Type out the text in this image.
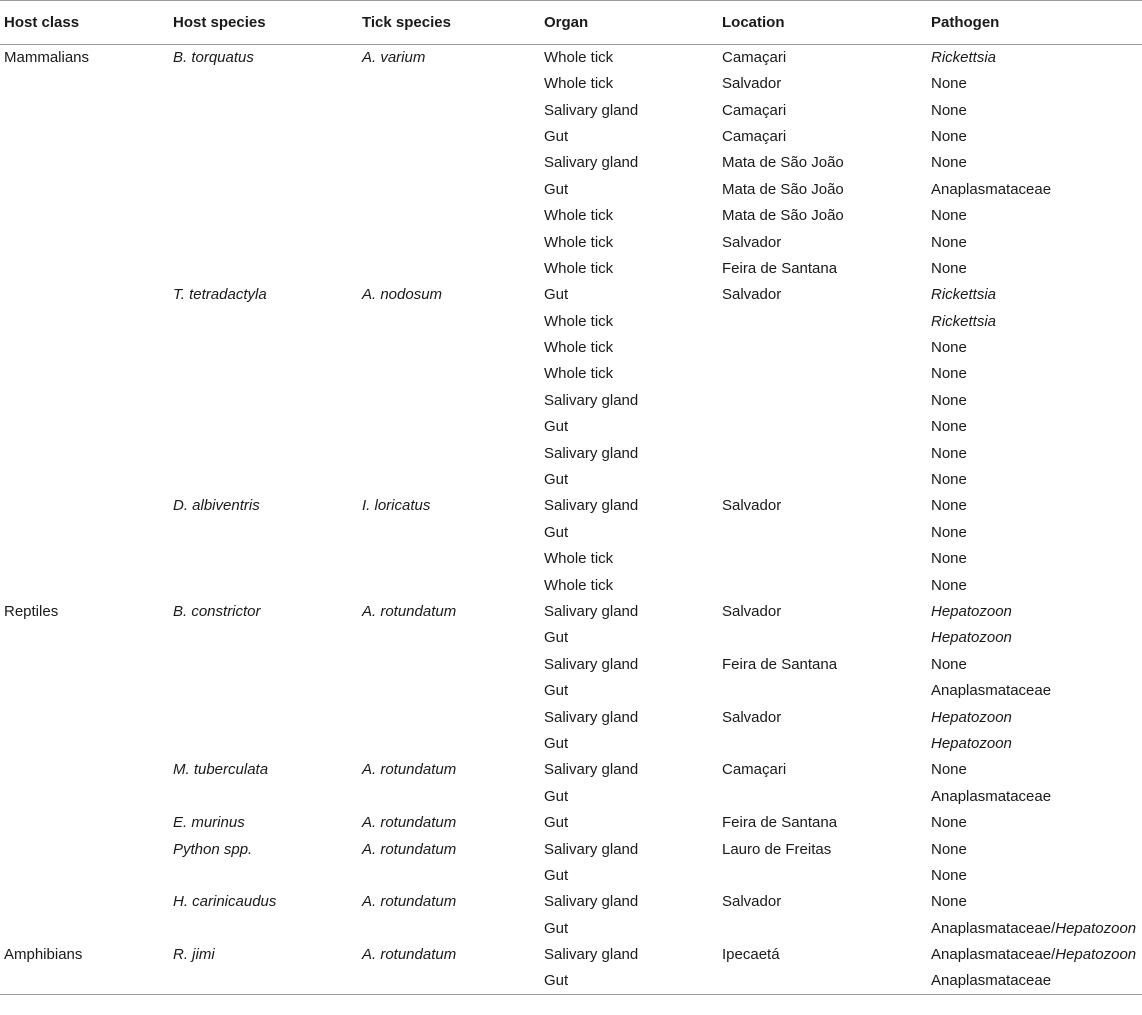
Host class	Host species	Tick species	Organ	Location	Pathogen
Mammalians	B. torquatus	A. varium	Whole tick	Camaçari	Rickettsia
			Whole tick	Salvador	None
			Salivary gland	Camaçari	None
			Gut	Camaçari	None
			Salivary gland	Mata de São João	None
			Gut	Mata de São João	Anaplasmataceae
			Whole tick	Mata de São João	None
			Whole tick	Salvador	None
			Whole tick	Feira de Santana	None
	T. tetradactyla	A. nodosum	Gut	Salvador	Rickettsia
			Whole tick		Rickettsia
			Whole tick		None
			Whole tick		None
			Salivary gland		None
			Gut		None
			Salivary gland		None
			Gut		None
	D. albiventris	I. loricatus	Salivary gland	Salvador	None
			Gut		None
			Whole tick		None
			Whole tick		None
Reptiles	B. constrictor	A. rotundatum	Salivary gland	Salvador	Hepatozoon
			Gut		Hepatozoon
			Salivary gland	Feira de Santana	None
			Gut		Anaplasmataceae
			Salivary gland	Salvador	Hepatozoon
			Gut		Hepatozoon
	M. tuberculata	A. rotundatum	Salivary gland	Camaçari	None
			Gut		Anaplasmataceae
	E. murinus	A. rotundatum	Gut	Feira de Santana	None
	Python spp.	A. rotundatum	Salivary gland	Lauro de Freitas	None
			Gut		None
	H. carinicaudus	A. rotundatum	Salivary gland	Salvador	None
			Gut		Anaplasmataceae/Hepatozoon
Amphibians	R. jimi	A. rotundatum	Salivary gland	Ipecaetá	Anaplasmataceae/Hepatozoon
			Gut		Anaplasmataceae
